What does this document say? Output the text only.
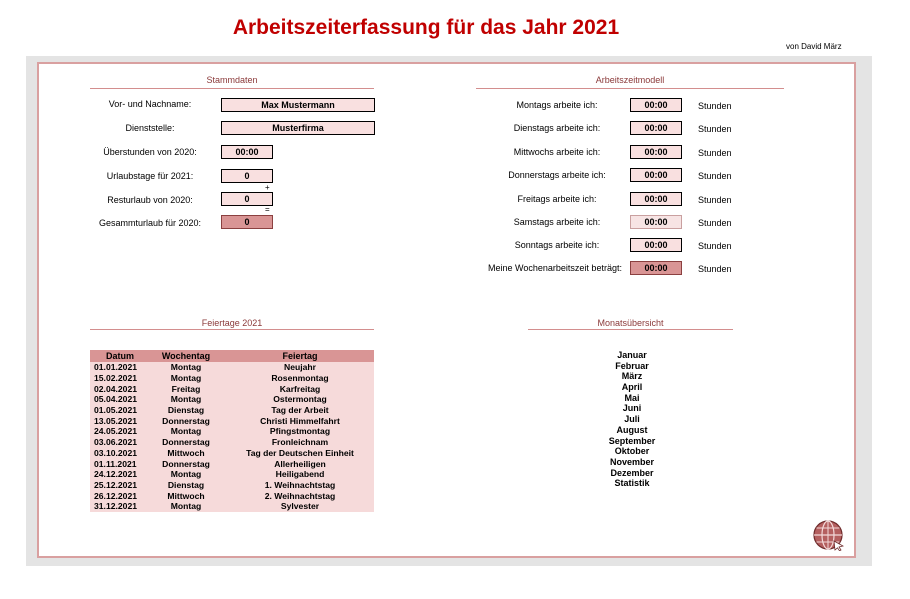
Arbeitszeiterfassung für das Jahr 2021
von David März
Stammdaten
Vor- und Nachname:	Max Mustermann
Dienststelle:	Musterfirma
Überstunden von 2020:	00:00
Urlaubstage für 2021:	0
+
Resturlaub von 2020:	0
=
Gesammturlaub für 2020:	0
Arbeitszeitmodell
Montags arbeite ich:	00:00	Stunden
Dienstags arbeite ich:	00:00	Stunden
Mittwochs arbeite ich:	00:00	Stunden
Donnerstags arbeite ich:	00:00	Stunden
Freitags arbeite ich:	00:00	Stunden
Samstags arbeite ich:	00:00	Stunden
Sonntags arbeite ich:	00:00	Stunden
Meine Wochenarbeitszeit beträgt:	00:00	Stunden
Feiertage 2021
Datum	Wochentag	Feiertag
01.01.2021	Montag	Neujahr
15.02.2021	Montag	Rosenmontag
02.04.2021	Freitag	Karfreitag
05.04.2021	Montag	Ostermontag
01.05.2021	Dienstag	Tag der Arbeit
13.05.2021	Donnerstag	Christi Himmelfahrt
24.05.2021	Montag	Pfingstmontag
03.06.2021	Donnerstag	Fronleichnam
03.10.2021	Mittwoch	Tag der Deutschen Einheit
01.11.2021	Donnerstag	Allerheiligen
24.12.2021	Montag	Heiligabend
25.12.2021	Dienstag	1. Weihnachtstag
26.12.2021	Mittwoch	2. Weihnachtstag
31.12.2021	Montag	Sylvester
Monatsübersicht
Januar
Februar
März
April
Mai
Juni
Juli
August
September
Oktober
November
Dezember
Statistik
